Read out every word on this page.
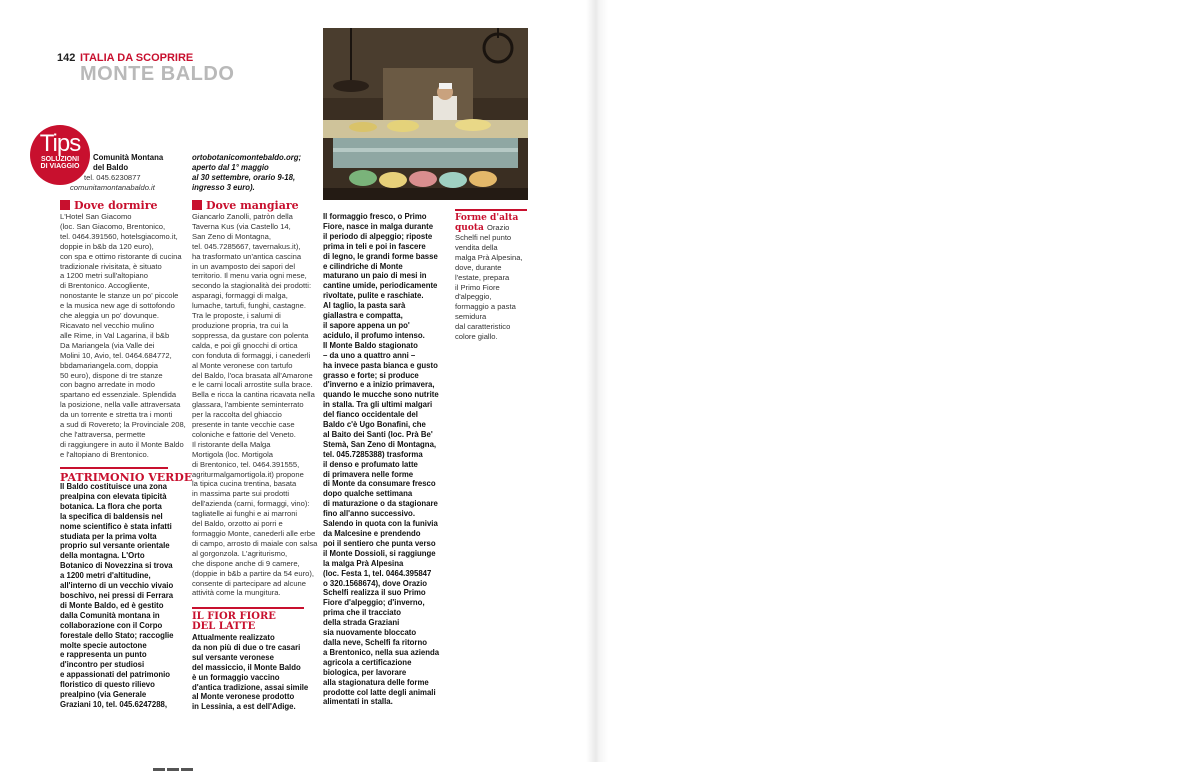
142 ITALIA DA SCOPRIRE
MONTE BALDO
Tips
SOLUZIONI
DI VIAGGIO
Comunità Montana
del Baldo
tel. 045.6230877
comunitamontanabaldo.it
ortobotanicomontebaldo.org;
aperto dal 1° maggio
al 30 settembre, orario 9-18,
ingresso 3 euro).
Dove dormire
L'Hotel San Giacomo
(loc. San Giacomo, Brentonico,
tel. 0464.391560, hotelsgiacomo.it,
doppie in b&b da 120 euro),
con spa e ottimo ristorante di cucina
tradizionale rivisitata, è situato
a 1200 metri sull'altopiano
di Brentonico. Accogliente,
nonostante le stanze un po' piccole
e la musica new age di sottofondo
che aleggia un po' dovunque.
Ricavato nel vecchio mulino
alle Rime, in Val Lagarina, il b&b
Da Mariangela (via Valle dei
Molini 10, Avio, tel. 0464.684772,
bbdamariangela.com, doppia
50 euro), dispone di tre stanze
con bagno arredate in modo
spartano ed essenziale. Splendida
la posizione, nella valle attraversata
da un torrente e stretta tra i monti
a sud di Rovereto; la Provinciale 208,
che l'attraversa, permette
di raggiungere in auto il Monte Baldo
e l'altopiano di Brentonico.
PATRIMONIO VERDE
Il Baldo costituisce una zona
prealpina con elevata tipicità
botanica. La flora che porta
la specifica di baldensis nel
nome scientifico è stata infatti
studiata per la prima volta
proprio sul versante orientale
della montagna. L'Orto
Botanico di Novezzina si trova
a 1200 metri d'altitudine,
all'interno di un vecchio vivaio
boschivo, nei pressi di Ferrara
di Monte Baldo, ed è gestito
dalla Comunità montana in
collaborazione con il Corpo
forestale dello Stato; raccoglie
molte specie autoctone
e rappresenta un punto
d'incontro per studiosi
e appassionati del patrimonio
floristico di questo rilievo
prealpino (via Generale
Graziani 10, tel. 045.6247288,
Dove mangiare
Giancarlo Zanolli, patròn della
Taverna Kus (via Castello 14,
San Zeno di Montagna,
tel. 045.7285667, tavernakus.it),
ha trasformato un'antica cascina
in un avamposto dei sapori del
territorio. Il menu varia ogni mese,
secondo la stagionalità dei prodotti:
asparagi, formaggi di malga,
lumache, tartufi, funghi, castagne.
Tra le proposte, i salumi di
produzione propria, tra cui la
soppressa, da gustare con polenta
calda, e poi gli gnocchi di ortica
con fonduta di formaggi, i canederli
al Monte veronese con tartufo
del Baldo, l'oca brasata all'Amarone
e le carni locali arrostite sulla brace.
Bella e ricca la cantina ricavata nella
glassara, l'ambiente seminterrato
per la raccolta del ghiaccio
presente in tante vecchie case
coloniche e fattorie del Veneto.
Il ristorante della Malga
Mortigola (loc. Mortigola
di Brentonico, tel. 0464.391555,
agriturmalgamortigola.it) propone
la tipica cucina trentina, basata
in massima parte sui prodotti
dell'azienda (carni, formaggi, vino):
tagliatelle ai funghi e ai marroni
del Baldo, orzotto ai porri e
formaggio Monte, canederli alle erbe
di campo, arrosto di maiale con salsa
al gorgonzola. L'agriturismo,
che dispone anche di 9 camere,
(doppie in b&b a partire da 54 euro),
consente di partecipare ad alcune
attività come la mungitura.
IL FIOR FIORE
DEL LATTE
Attualmente realizzato
da non più di due o tre casari
sul versante veronese
del massiccio, il Monte Baldo
è un formaggio vaccino
d'antica tradizione, assai simile
al Monte veronese prodotto
in Lessinia, a est dell'Adige.
Il formaggio fresco, o Primo
Fiore, nasce in malga durante
il periodo di alpeggio; riposte
prima in teli e poi in fascere
di legno, le grandi forme basse
e cilindriche di Monte
maturano un paio di mesi in
cantine umide, periodicamente
rivoltate, pulite e raschiate.
Al taglio, la pasta sarà
giallastra e compatta,
il sapore appena un po'
acidulo, il profumo intenso.
Il Monte Baldo stagionato
– da uno a quattro anni –
ha invece pasta bianca e gusto
grasso e forte; si produce
d'inverno e a inizio primavera,
quando le mucche sono nutrite
in stalla. Tra gli ultimi malgari
del fianco occidentale del
Baldo c'è Ugo Bonafini, che
al Baito dei Santi (loc. Prà Be'
Stemà, San Zeno di Montagna,
tel. 045.7285388) trasforma
il denso e profumato latte
di primavera nelle forme
di Monte da consumare fresco
dopo qualche settimana
di maturazione o da stagionare
fino all'anno successivo.
Salendo in quota con la funivia
da Malcesine e prendendo
poi il sentiero che punta verso
il Monte Dossioli, si raggiunge
la malga Prà Alpesina
(loc. Festa 1, tel. 0464.395847
o 320.1568674), dove Orazio
Schelfi realizza il suo Primo
Fiore d'alpeggio; d'inverno,
prima che il tracciato
della strada Graziani
sia nuovamente bloccato
dalla neve, Schelfi fa ritorno
a Brentonico, nella sua azienda
agricola a certificazione
biologica, per lavorare
alla stagionatura delle forme
prodotte col latte degli animali
alimentati in stalla.
Forme d'alta
quota Orazio
Schelfi nel punto
vendita della
malga Prà Alpesina,
dove, durante
l'estate, prepara
il Primo Fiore
d'alpeggio,
formaggio a pasta
semidura
dal caratteristico
colore giallo.
